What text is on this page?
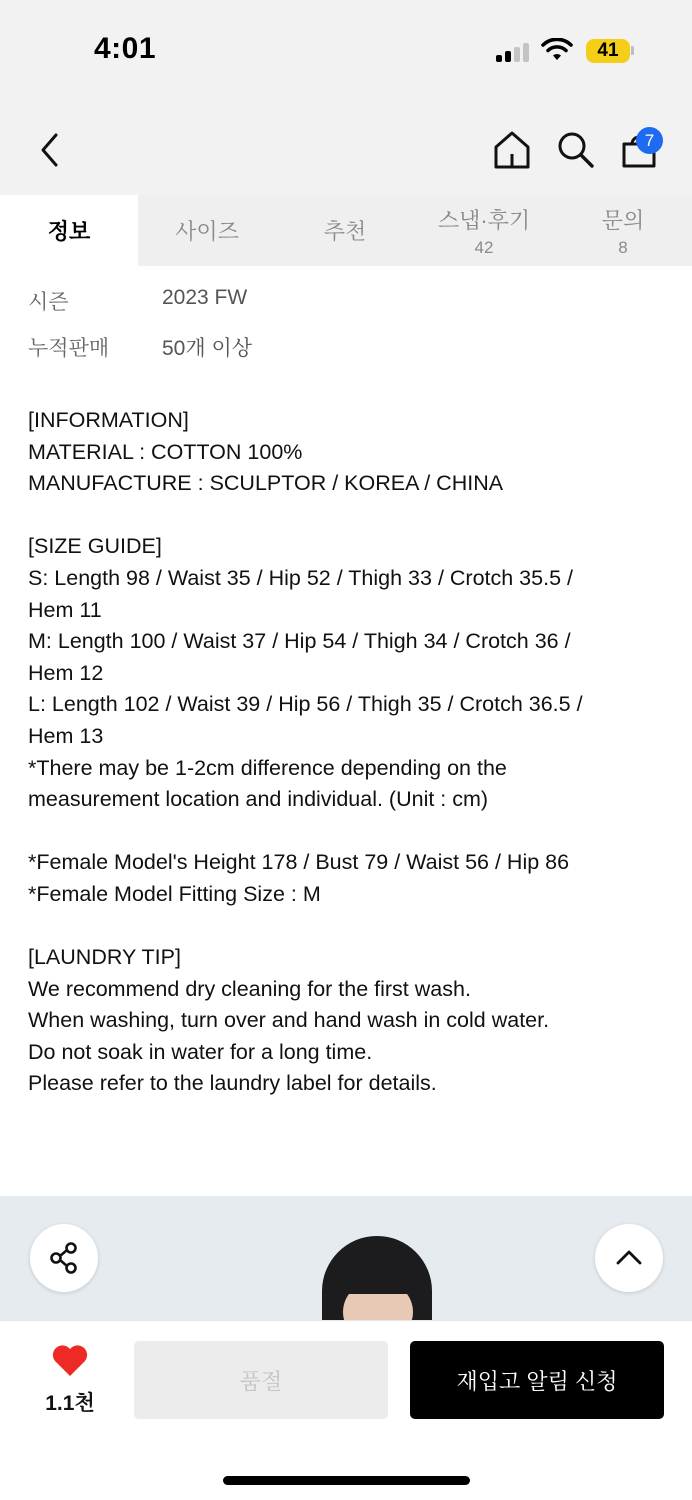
4:01	41
7
정보	사이즈	추천	스냅·후기
42
문의
8
시즌	2023 FW
누적판매	50개 이상

[INFORMATION]

MATERIAL : COTTON 100%

MANUFACTURE : SCULPTOR / KOREA / CHINA

[SIZE GUIDE]

S: Length 98 / Waist 35 / Hip 52 / Thigh 33 / Crotch 35.5 /

Hem 11

M: Length 100 / Waist 37 / Hip 54 / Thigh 34 / Crotch 36 /

Hem 12

L: Length 102 / Waist 39 / Hip 56 / Thigh 35 / Crotch 36.5 /

Hem 13

*There may be 1-2cm difference depending on the

measurement location and individual. (Unit : cm)

*Female Model's Height 178 / Bust 79 / Waist 56 / Hip 86

*Female Model Fitting Size : M

[LAUNDRY TIP]

We recommend dry cleaning for the first wash.

When washing, turn over and hand wash in cold water.

Do not soak in water for a long time.

Please refer to the laundry label for details.

1.1천
품절	재입고 알림 신청
